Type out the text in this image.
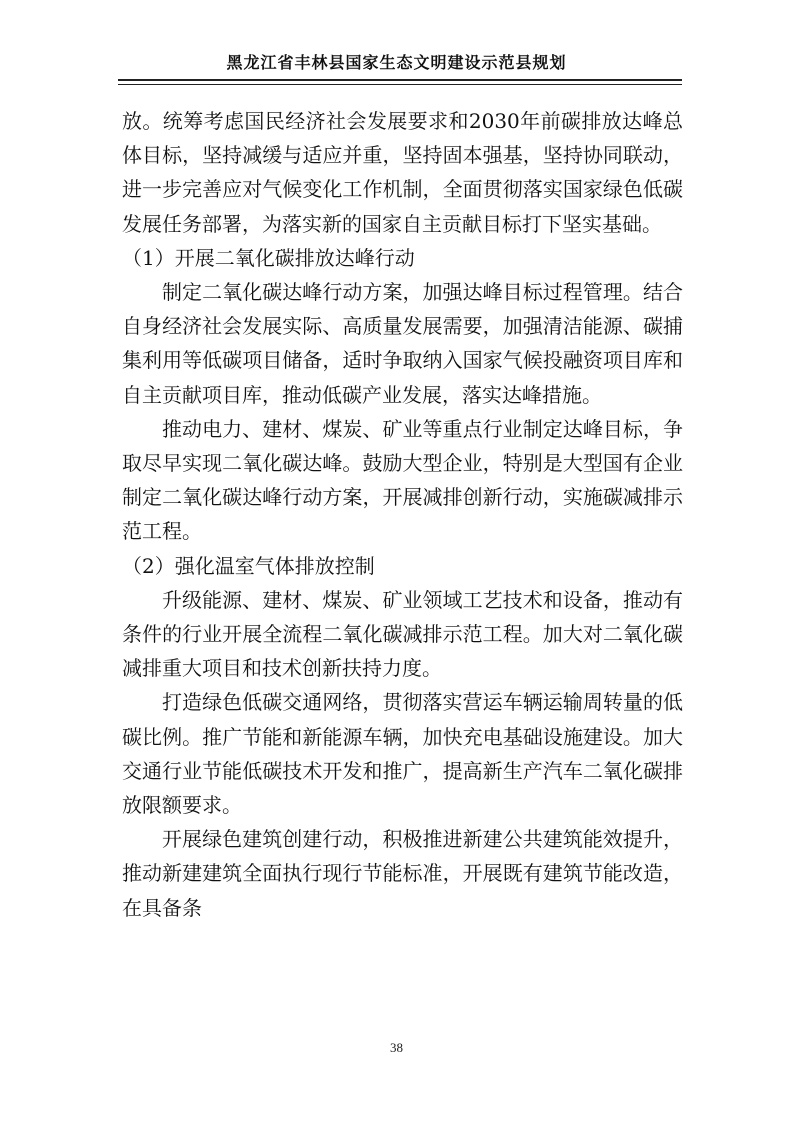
黑龙江省丰林县国家生态文明建设示范县规划

放。统筹考虑国民经济社会发展要求和2030年前碳排放达峰总体目标，坚持减缓与适应并重，坚持固本强基，坚持协同联动，进一步完善应对气候变化工作机制，全面贯彻落实国家绿色低碳发展任务部署，为落实新的国家自主贡献目标打下坚实基础。

（1）开展二氧化碳排放达峰行动

制定二氧化碳达峰行动方案，加强达峰目标过程管理。结合自身经济社会发展实际、高质量发展需要，加强清洁能源、碳捕集利用等低碳项目储备，适时争取纳入国家气候投融资项目库和自主贡献项目库，推动低碳产业发展，落实达峰措施。

推动电力、建材、煤炭、矿业等重点行业制定达峰目标，争取尽早实现二氧化碳达峰。鼓励大型企业，特别是大型国有企业制定二氧化碳达峰行动方案，开展减排创新行动，实施碳减排示范工程。

（2）强化温室气体排放控制

升级能源、建材、煤炭、矿业领域工艺技术和设备，推动有条件的行业开展全流程二氧化碳减排示范工程。加大对二氧化碳减排重大项目和技术创新扶持力度。

打造绿色低碳交通网络，贯彻落实营运车辆运输周转量的低碳比例。推广节能和新能源车辆，加快充电基础设施建设。加大交通行业节能低碳技术开发和推广，提高新生产汽车二氧化碳排放限额要求。

开展绿色建筑创建行动，积极推进新建公共建筑能效提升，推动新建建筑全面执行现行节能标准，开展既有建筑节能改造，在具备条

38
